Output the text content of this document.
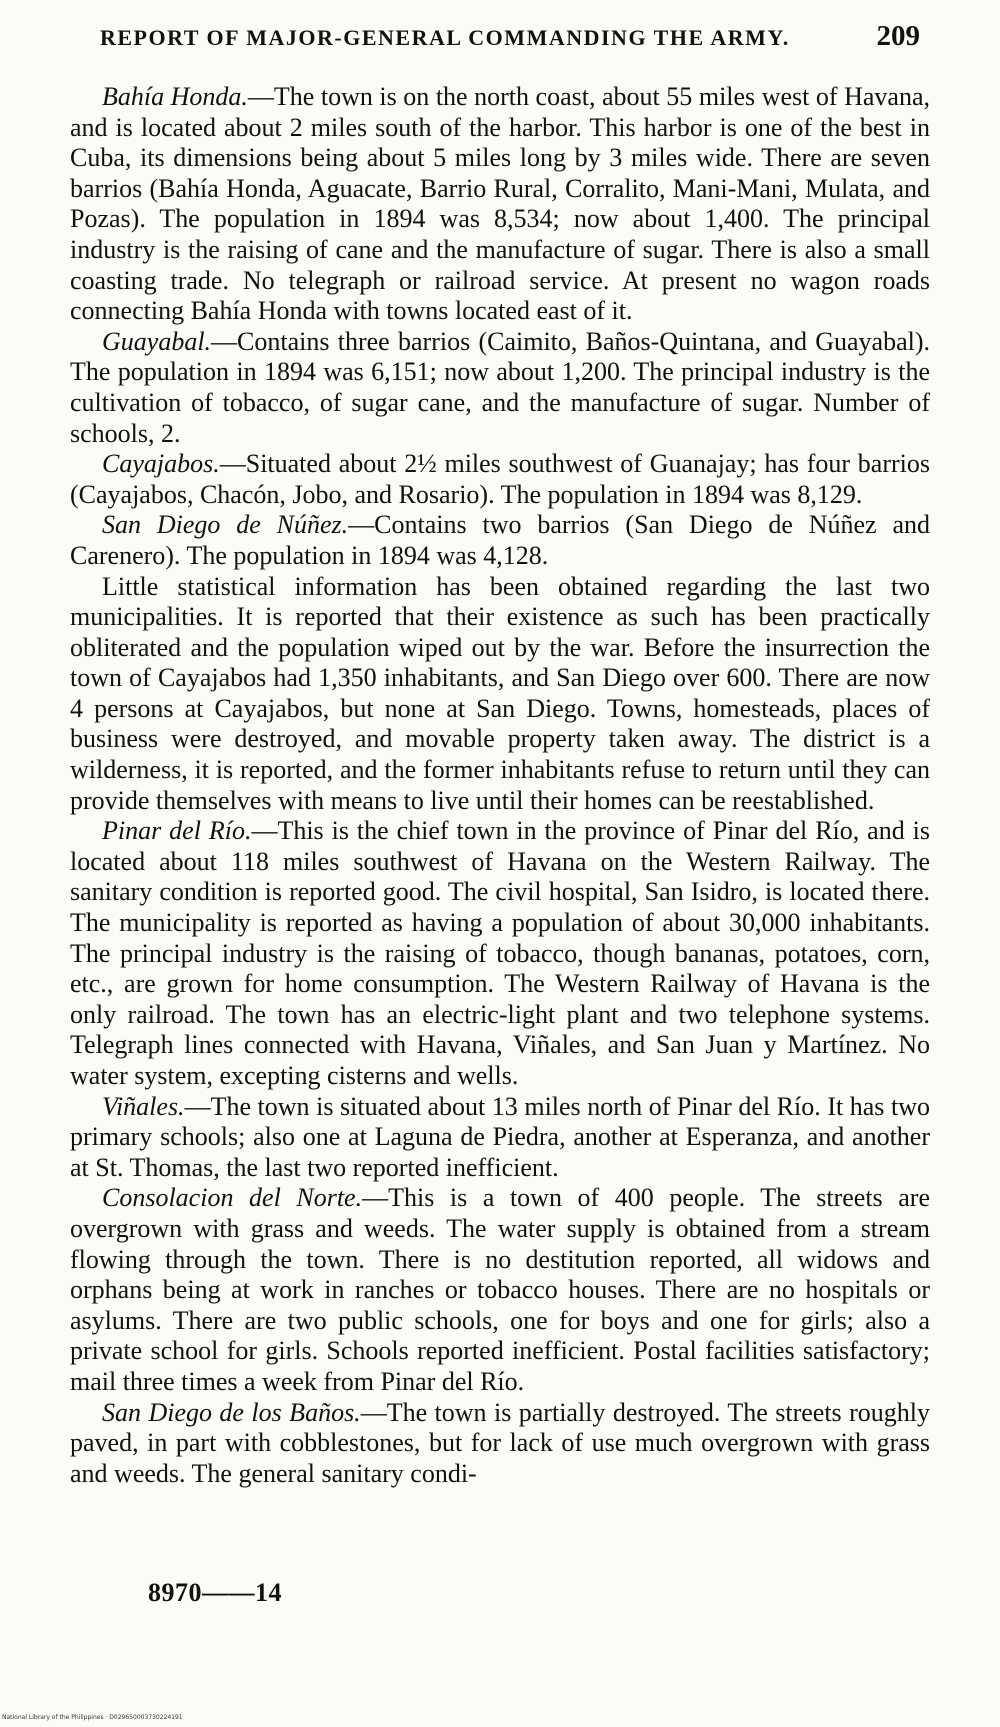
REPORT OF MAJOR-GENERAL COMMANDING THE ARMY.	209

Bahía Honda.—The town is on the north coast, about 55 miles west of Havana, and is located about 2 miles south of the harbor. This harbor is one of the best in Cuba, its dimensions being about 5 miles long by 3 miles wide. There are seven barrios (Bahía Honda, Aguacate, Barrio Rural, Corralito, Mani-Mani, Mulata, and Pozas). The population in 1894 was 8,534; now about 1,400. The principal industry is the raising of cane and the manufacture of sugar. There is also a small coasting trade. No telegraph or railroad service. At present no wagon roads connecting Bahía Honda with towns located east of it.

Guayabal.—Contains three barrios (Caimito, Baños-Quintana, and Guayabal). The population in 1894 was 6,151; now about 1,200. The principal industry is the cultivation of tobacco, of sugar cane, and the manufacture of sugar. Number of schools, 2.

Cayajabos.—Situated about 2½ miles southwest of Guanajay; has four barrios (Cayajabos, Chacón, Jobo, and Rosario). The population in 1894 was 8,129.

San Diego de Núñez.—Contains two barrios (San Diego de Núñez and Carenero). The population in 1894 was 4,128.

Little statistical information has been obtained regarding the last two municipalities. It is reported that their existence as such has been practically obliterated and the population wiped out by the war. Before the insurrection the town of Cayajabos had 1,350 inhabitants, and San Diego over 600. There are now 4 persons at Cayajabos, but none at San Diego. Towns, homesteads, places of business were destroyed, and movable property taken away. The district is a wilderness, it is reported, and the former inhabitants refuse to return until they can provide themselves with means to live until their homes can be reestablished.

Pinar del Río.—This is the chief town in the province of Pinar del Río, and is located about 118 miles southwest of Havana on the Western Railway. The sanitary condition is reported good. The civil hospital, San Isidro, is located there. The municipality is reported as having a population of about 30,000 inhabitants. The principal industry is the raising of tobacco, though bananas, potatoes, corn, etc., are grown for home consumption. The Western Railway of Havana is the only railroad. The town has an electric-light plant and two telephone systems. Telegraph lines connected with Havana, Viñales, and San Juan y Martínez. No water system, excepting cisterns and wells.

Viñales.—The town is situated about 13 miles north of Pinar del Río. It has two primary schools; also one at Laguna de Piedra, another at Esperanza, and another at St. Thomas, the last two reported inefficient.

Consolacion del Norte.—This is a town of 400 people. The streets are overgrown with grass and weeds. The water supply is obtained from a stream flowing through the town. There is no destitution reported, all widows and orphans being at work in ranches or tobacco houses. There are no hospitals or asylums. There are two public schools, one for boys and one for girls; also a private school for girls. Schools reported inefficient. Postal facilities satisfactory; mail three times a week from Pinar del Río.

San Diego de los Baños.—The town is partially destroyed. The streets roughly paved, in part with cobblestones, but for lack of use much overgrown with grass and weeds. The general sanitary condi-

8970——14
National Library of the Philippines · D029650003730224191
